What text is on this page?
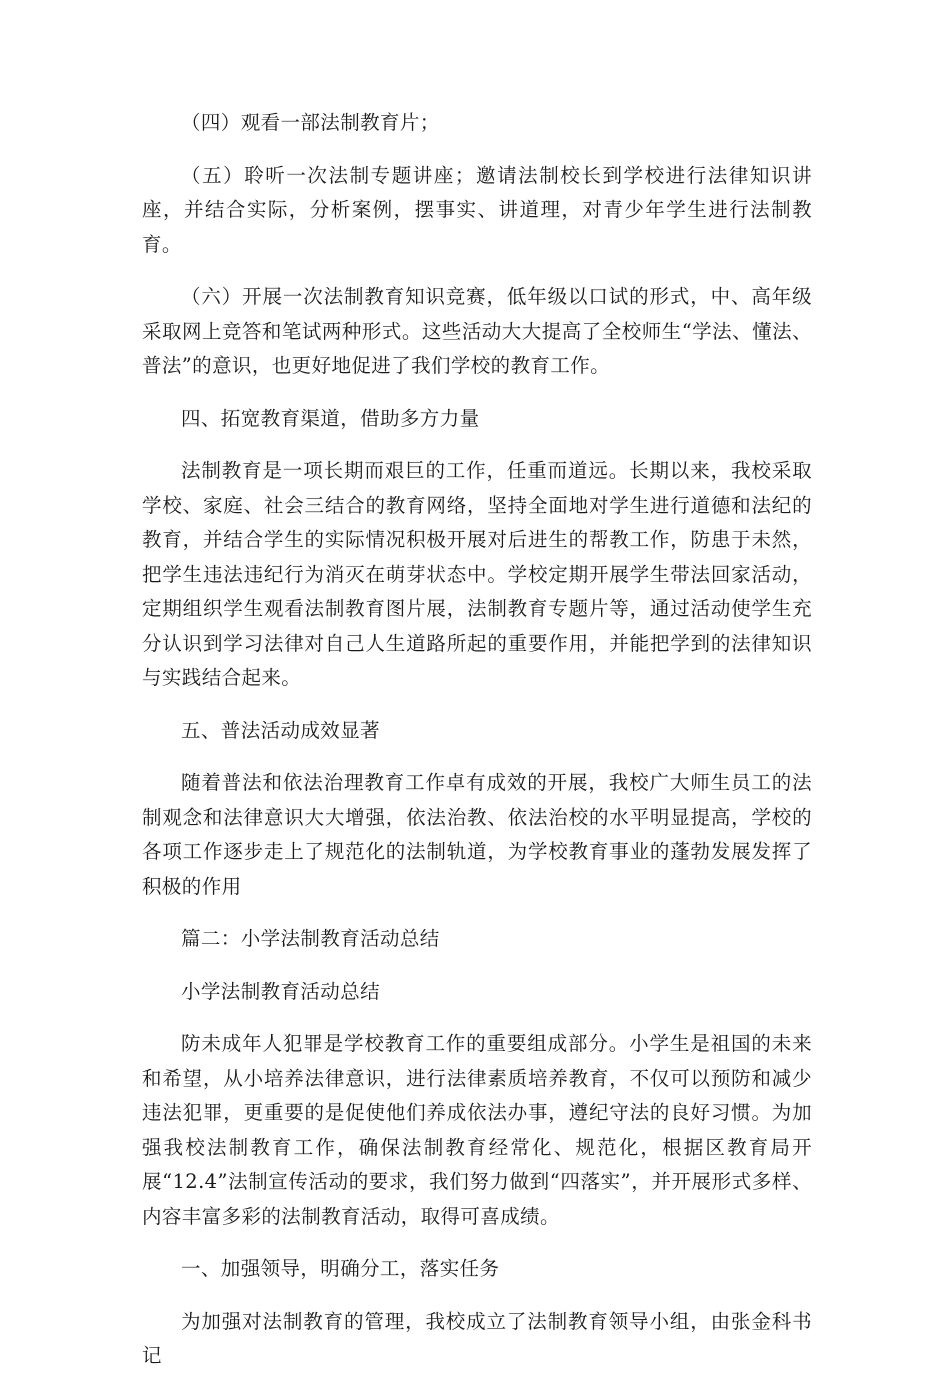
（四）观看一部法制教育片；

（五）聆听一次法制专题讲座；邀请法制校长到学校进行法律知识讲座，并结合实际，分析案例，摆事实、讲道理，对青少年学生进行法制教育。

（六）开展一次法制教育知识竞赛，低年级以口试的形式，中、高年级采取网上竞答和笔试两种形式。这些活动大大提高了全校师生“学法、懂法、普法”的意识，也更好地促进了我们学校的教育工作。

四、拓宽教育渠道，借助多方力量

法制教育是一项长期而艰巨的工作，任重而道远。长期以来，我校采取学校、家庭、社会三结合的教育网络，坚持全面地对学生进行道德和法纪的教育，并结合学生的实际情况积极开展对后进生的帮教工作，防患于未然，把学生违法违纪行为消灭在萌芽状态中。学校定期开展学生带法回家活动，定期组织学生观看法制教育图片展，法制教育专题片等，通过活动使学生充分认识到学习法律对自己人生道路所起的重要作用，并能把学到的法律知识与实践结合起来。

五、普法活动成效显著

随着普法和依法治理教育工作卓有成效的开展，我校广大师生员工的法制观念和法律意识大大增强，依法治教、依法治校的水平明显提高，学校的各项工作逐步走上了规范化的法制轨道，为学校教育事业的蓬勃发展发挥了积极的作用

篇二：小学法制教育活动总结

小学法制教育活动总结

防未成年人犯罪是学校教育工作的重要组成部分。小学生是祖国的未来和希望，从小培养法律意识，进行法律素质培养教育，不仅可以预防和减少违法犯罪，更重要的是促使他们养成依法办事，遵纪守法的良好习惯。为加强我校法制教育工作，确保法制教育经常化、规范化，根据区教育局开展“12.4”法制宣传活动的要求，我们努力做到“四落实”，并开展形式多样、内容丰富多彩的法制教育活动，取得可喜成绩。

一、加强领导，明确分工，落实任务

为加强对法制教育的管理，我校成立了法制教育领导小组，由张金科书记
